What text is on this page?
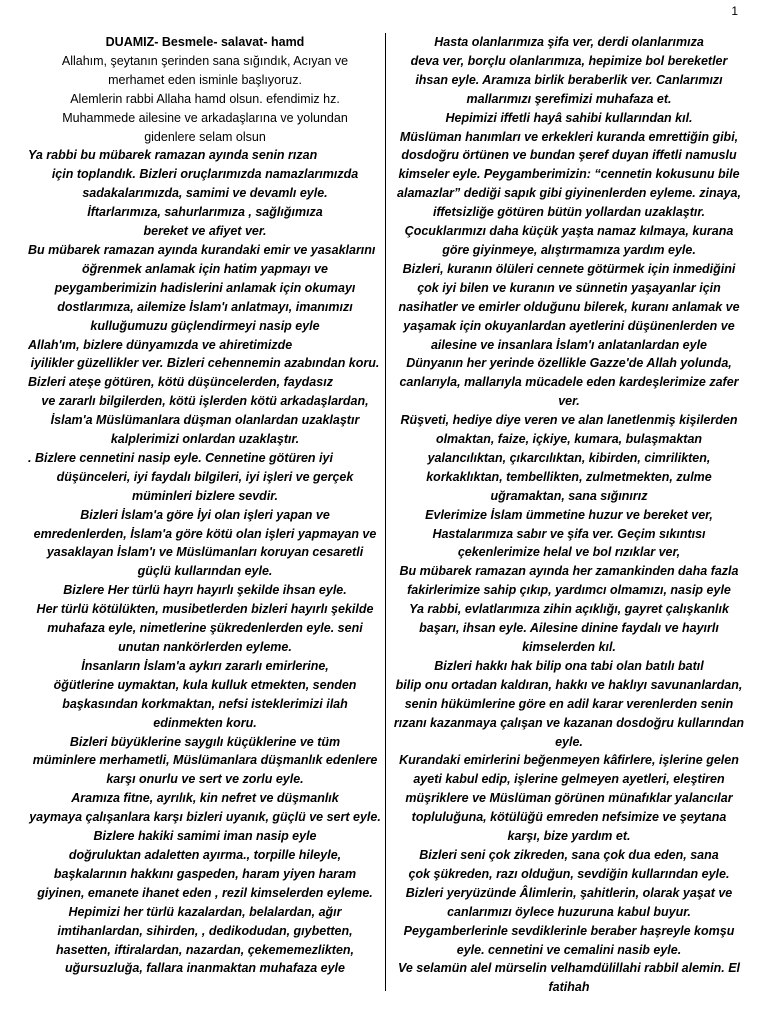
1
DUAMIZ- Besmele- salavat- hamd
Allahım, şeytanın şerinden sana sığındık, Acıyan ve
merhamet eden isminle başlıyoruz.
Alemlerin rabbi Allaha hamd olsun. efendimiz hz.
Muhammede ailesine ve arkadaşlarına ve yolundan
gidenlere selam olsun
Ya rabbi bu mübarek ramazan ayında senin rızan
için toplandık. Bizleri oruçlarımızda namazlarımızda
sadakalarımızda, samimi ve devamlı eyle.
İftarlarımıza, sahurlarımıza , sağlığımıza
bereket ve afiyet ver.
Bu mübarek ramazan ayında kurandaki emir ve yasaklarını
öğrenmek anlamak için hatim yapmayı ve
peygamberimizin hadislerini anlamak için okumayı
dostlarımıza, ailemize İslam'ı anlatmayı, imanımızı
kulluğumuzu güçlendirmeyi nasip eyle
Allah'ım, bizlere dünyamızda ve ahiretimizde
iyilikler güzellikler ver. Bizleri cehennemin azabından koru.
Bizleri ateşe götüren, kötü düşüncelerden, faydasız
ve zararlı bilgilerden, kötü işlerden kötü arkadaşlardan,
İslam'a Müslümanlara düşman olanlardan uzaklaştır
kalplerimizi onlardan uzaklaştır.
. Bizlere cennetini nasip eyle. Cennetine götüren iyi
düşünceleri, iyi faydalı bilgileri, iyi işleri ve gerçek
müminleri bizlere sevdir.
Bizleri İslam'a göre İyi olan işleri yapan ve
emredenlerden, İslam'a göre kötü olan işleri yapmayan ve
yasaklayan İslam'ı ve Müslümanları koruyan cesaretli
güçlü kullarından eyle.
Bizlere Her türlü hayrı hayırlı şekilde ihsan eyle.
Her türlü kötülükten, musibetlerden bizleri hayırlı şekilde
muhafaza eyle, nimetlerine şükredenlerden eyle. seni
unutan nankörlerden eyleme.
İnsanların İslam'a aykırı zararlı emirlerine,
öğütlerine uymaktan, kula kulluk etmekten, senden
başkasından korkmaktan, nefsi isteklerimizi ilah
edinmekten koru.
Bizleri büyüklerine saygılı küçüklerine ve tüm
müminlere merhametli, Müslümanlara düşmanlık edenlere
karşı onurlu ve sert ve zorlu eyle.
Aramıza fitne, ayrılık, kin nefret ve düşmanlık
yaymaya çalışanlara karşı bizleri uyanık, güçlü ve sert eyle.
Bizlere hakiki samimi iman nasip eyle
doğruluktan adaletten ayırma., torpille hileyle,
başkalarının hakkını gaspeden, haram yiyen haram
giyinen, emanete ihanet eden , rezil kimselerden eyleme.
Hepimizi her türlü kazalardan, belalardan, ağır
imtihanlardan, sihirden, , dedikodudan, gıybetten,
hasetten, iftiralardan, nazardan, çekememezlikten,
uğursuzluğa, fallara inanmaktan muhafaza eyle
Hasta olanlarımıza şifa ver, derdi olanlarımıza
deva ver, borçlu olanlarımıza, hepimize bol bereketler
ihsan eyle. Aramıza birlik beraberlik ver. Canlarımızı
mallarımızı şerefimizi muhafaza et.
Hepimizi iffetli hayâ sahibi kullarından kıl.
Müslüman hanımları ve erkekleri kuranda emrettiğin gibi,
dosdoğru örtünen ve bundan şeref duyan iffetli namuslu
kimseler eyle. Peygamberimizin: “cennetin kokusunu bile
alamazlar” dediği sapık gibi giyinenlerden eyleme. zinaya,
iffetsizliğe götüren bütün yollardan uzaklaştır.
Çocuklarımızı daha küçük yaşta namaz kılmaya, kurana
göre giyinmeye, alıştırmamıza yardım eyle.
Bizleri, kuranın ölüleri cennete götürmek için inmediğini
çok iyi bilen ve kuranın ve sünnetin yaşayanlar için
nasihatler ve emirler olduğunu bilerek, kuranı anlamak ve
yaşamak için okuyanlardan ayetlerini düşünenlerden ve
ailesine ve insanlara İslam'ı anlatanlardan eyle
Dünyanın her yerinde özellikle Gazze'de Allah yolunda,
canlarıyla, mallarıyla mücadele eden kardeşlerimize zafer
ver.
Rüşveti, hediye diye veren ve alan lanetlenmiş kişilerden
olmaktan, faize, içkiye, kumara, bulaşmaktan
yalancılıktan, çıkarcılıktan, kibirden, cimrilikten,
korkaklıktan, tembellikten, zulmetmekten, zulme
uğramaktan, sana sığınırız
Evlerimize İslam ümmetine huzur ve bereket ver,
Hastalarımıza sabır ve şifa ver. Geçim sıkıntısı
çekenlerimize helal ve bol rızıklar ver,
Bu mübarek ramazan ayında her zamankinden daha fazla
fakirlerimize sahip çıkıp, yardımcı olmamızı, nasip eyle
Ya rabbi, evlatlarımıza zihin açıklığı, gayret çalışkanlık
başarı, ihsan eyle. Ailesine dinine faydalı ve hayırlı
kimselerden kıl.
Bizleri hakkı hak bilip ona tabi olan batılı batıl
bilip onu ortadan kaldıran, hakkı ve haklıyı savunanlardan,
senin hükümlerine göre en adil karar verenlerden senin
rızanı kazanmaya çalışan ve kazanan dosdoğru kullarından
eyle.
Kurandaki emirlerini beğenmeyen kâfirlere, işlerine gelen
ayeti kabul edip, işlerine gelmeyen ayetleri, eleştiren
müşriklere ve Müslüman görünen münafıklar yalancılar
topluluğuna, kötülüğü emreden nefsimize ve şeytana
karşı, bize yardım et.
Bizleri seni çok zikreden, sana çok dua eden, sana
çok şükreden, razı olduğun, sevdiğin kullarından eyle.
Bizleri yeryüzünde Âlimlerin, şahitlerin, olarak yaşat ve
canlarımızı öylece huzuruna kabul buyur.
Peygamberlerinle sevdiklerinle beraber haşreyle komşu
eyle. cennetini ve cemalini nasib eyle.
Ve selamün alel mürselin velhamdülillahi rabbil alemin. El
fatihah
